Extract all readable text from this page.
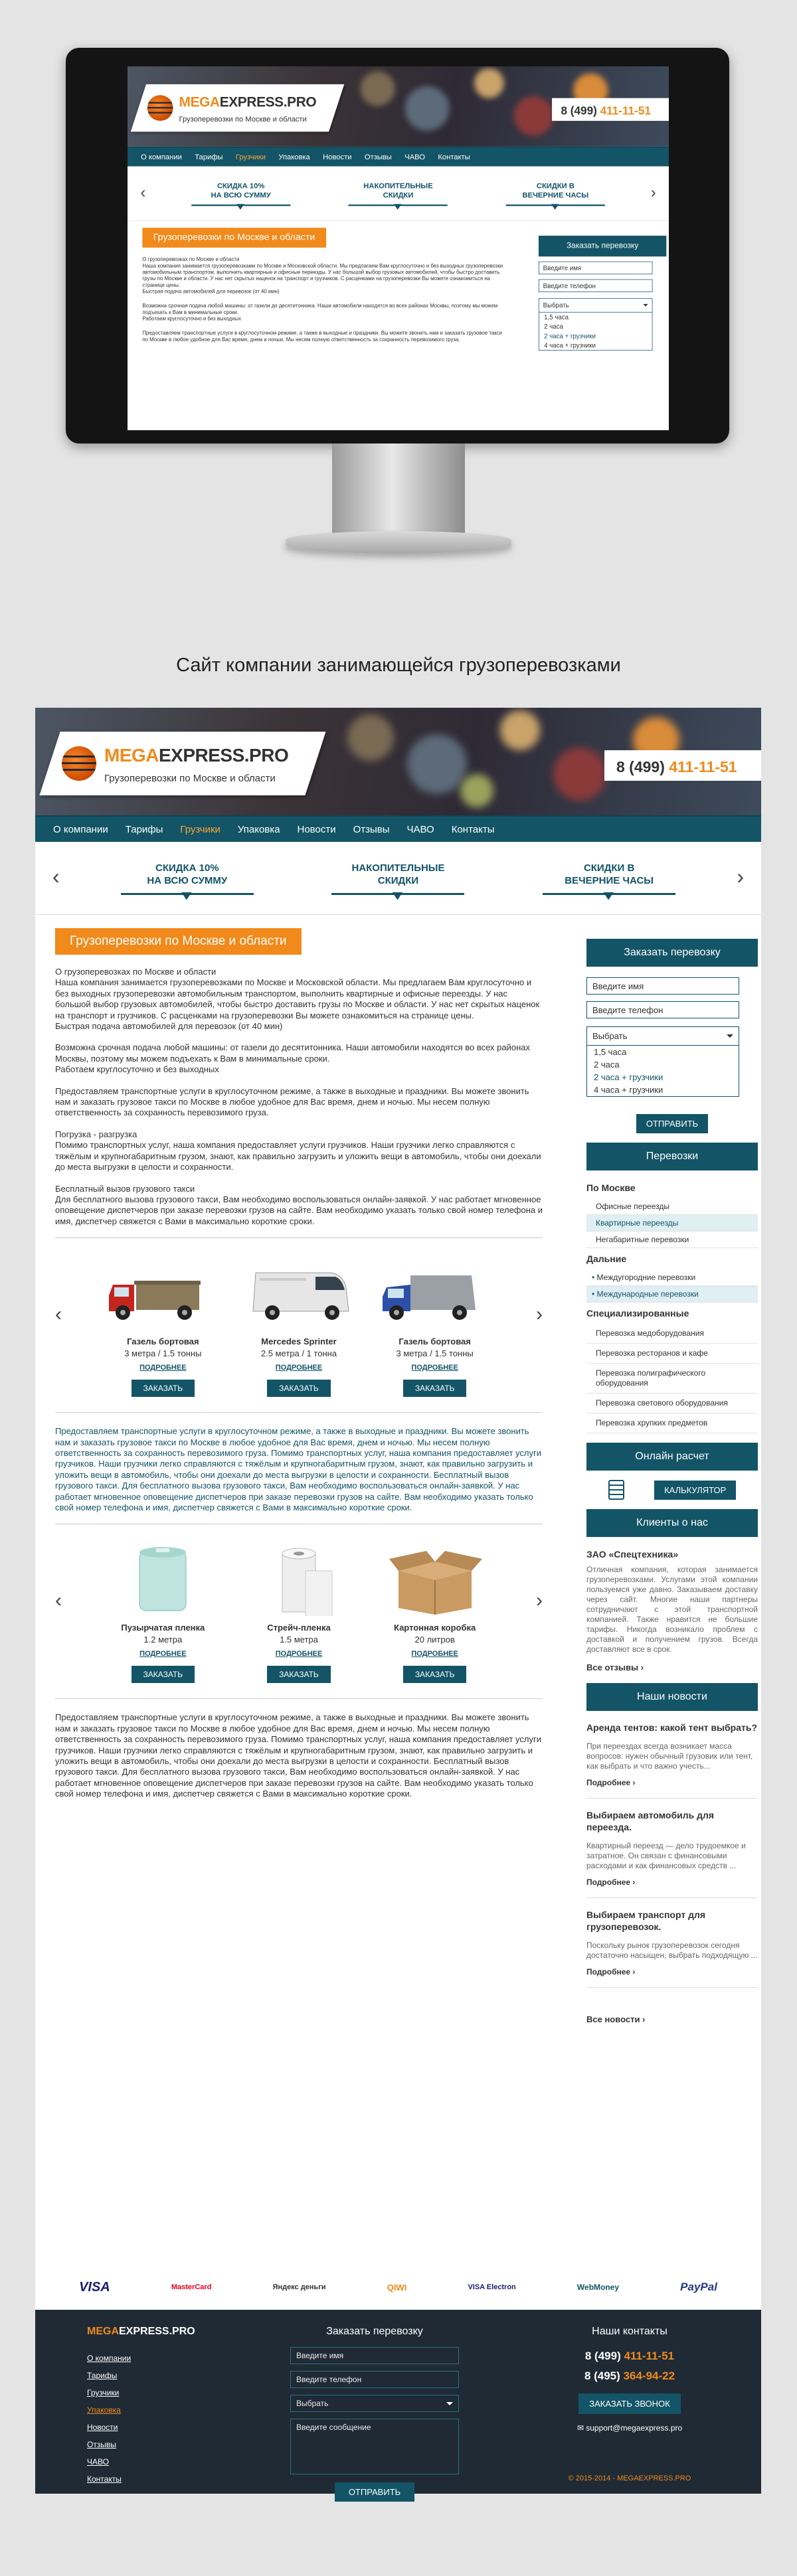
MEGAEXPRESS.PRO
Грузоперевозки по Москве и области
8 (499) 411-11-51
О компании	Тарифы	Грузчики	Упаковка	Новости	Отзывы	ЧАВО	Контакты
‹	СКИДКА 10%
НА ВСЮ СУММУ
НАКОПИТЕЛЬНЫЕ
СКИДКИ
СКИДКИ В
ВЕЧЕРНИЕ ЧАСЫ	›
Грузоперевозки по Москве и области
О грузоперевозках по Москве и области
Наша компания занимается грузоперевозками по Москве и Московской области. Мы предлагаем Вам круглосуточно и без выходных грузоперевозки автомобильным транспортом, выполнить квартирные и офисные переезды. У нас большой выбор грузовых автомобилей, чтобы быстро доставить грузы по Москве и области. У нас нет скрытых наценок на транспорт и грузчиков. С расценками на грузоперевозки Вы можете ознакомиться на странице цены.
Быстрая подача автомобилей для перевозок (от 40 мин)
Возможна срочная подача любой машины: от газели до десятитонника. Наши автомобили находятся во всех районах Москвы, поэтому мы можем подъехать к Вам в минимальные сроки.
Работаем круглосуточно и без выходных
Предоставляем транспортные услуги в круглосуточном режиме, а также в выходные и праздники. Вы можете звонить нам и заказать грузовое такси по Москве в любое удобное для Вас время, днем и ночью. Мы несем полную ответственность за сохранность перевозимого груза.
Заказать перевозку
Введите имя
Введите телефон
Выбрать
1,5 часа
2 часа
2 часа + грузчики
4 часа + грузчики
Сайт компании занимающейся грузоперевозками
MEGAEXPRESS.PRO
Грузоперевозки по Москве и области
8 (499) 411-11-51
О компании	Тарифы	Грузчики	Упаковка	Новости	Отзывы	ЧАВО	Контакты
‹	СКИДКА 10%
НА ВСЮ СУММУ
НАКОПИТЕЛЬНЫЕ
СКИДКИ
СКИДКИ В
ВЕЧЕРНИЕ ЧАСЫ	›
Грузоперевозки по Москве и области
О грузоперевозках по Москве и области
Наша компания занимается грузоперевозками по Москве и Московской области. Мы предлагаем Вам круглосуточно и без выходных грузоперевозки автомобильным транспортом, выполнить квартирные и офисные переезды. У нас большой выбор грузовых автомобилей, чтобы быстро доставить грузы по Москве и области. У нас нет скрытых наценок на транспорт и грузчиков. С расценками на грузоперевозки Вы можете ознакомиться на странице цены.
Быстрая подача автомобилей для перевозок (от 40 мин)
Возможна срочная подача любой машины: от газели до десятитонника. Наши автомобили находятся во всех районах Москвы, поэтому мы можем подъехать к Вам в минимальные сроки.
Работаем круглосуточно и без выходных
Предоставляем транспортные услуги в круглосуточном режиме, а также в выходные и праздники. Вы можете звонить нам и заказать грузовое такси по Москве в любое удобное для Вас время, днем и ночью. Мы несем полную ответственность за сохранность перевозимого груза.
Погрузка - разгрузка
Помимо транспортных услуг, наша компания предоставляет услуги грузчиков. Наши грузчики легко справляются с тяжёлым и крупногабаритным грузом, знают, как правильно загрузить и уложить вещи в автомобиль, чтобы они доехали до места выгрузки в целости и сохранности.
Бесплатный вызов грузового такси
Для бесплатного вызова грузового такси, Вам необходимо воспользоваться онлайн-заявкой. У нас работает мгновенное оповещение диспетчеров при заказе перевозки грузов на сайте. Вам необходимо указать только свой номер телефона и имя, диспетчер свяжется с Вами в максимально короткие сроки.
‹
Газель бортовая
3 метра / 1.5 тонны
ПОДРОБНЕЕ
ЗАКАЗАТЬ
Mercedes Sprinter
2.5 метра / 1 тонна
ПОДРОБНЕЕ
ЗАКАЗАТЬ
Газель бортовая
3 метра / 1.5 тонны
ПОДРОБНЕЕ
ЗАКАЗАТЬ
›
Предоставляем транспортные услуги в круглосуточном режиме, а также в выходные и праздники. Вы можете звонить нам и заказать грузовое такси по Москве в любое удобное для Вас время, днем и ночью. Мы несем полную ответственность за сохранность перевозимого груза. Помимо транспортных услуг, наша компания предоставляет услуги грузчиков. Наши грузчики легко справляются с тяжёлым и крупногабаритным грузом, знают, как правильно загрузить и уложить вещи в автомобиль, чтобы они доехали до места выгрузки в целости и сохранности. Бесплатный вызов грузового такси. Для бесплатного вызова грузового такси, Вам необходимо воспользоваться онлайн-заявкой. У нас работает мгновенное оповещение диспетчеров при заказе перевозки грузов на сайте. Вам необходимо указать только свой номер телефона и имя, диспетчер свяжется с Вами в максимально короткие сроки.
‹
Пузырчатая пленка
1.2 метра
ПОДРОБНЕЕ
ЗАКАЗАТЬ
Стрейч-пленка
1.5 метра
ПОДРОБНЕЕ
ЗАКАЗАТЬ
Картонная коробка
20 литров
ПОДРОБНЕЕ
ЗАКАЗАТЬ
›
Предоставляем транспортные услуги в круглосуточном режиме, а также в выходные и праздники. Вы можете звонить нам и заказать грузовое такси по Москве в любое удобное для Вас время, днем и ночью. Мы несем полную ответственность за сохранность перевозимого груза. Помимо транспортных услуг, наша компания предоставляет услуги грузчиков. Наши грузчики легко справляются с тяжёлым и крупногабаритным грузом, знают, как правильно загрузить и уложить вещи в автомобиль, чтобы они доехали до места выгрузки в целости и сохранности. Бесплатный вызов грузового такси. Для бесплатного вызова грузового такси, Вам необходимо воспользоваться онлайн-заявкой. У нас работает мгновенное оповещение диспетчеров при заказе перевозки грузов на сайте. Вам необходимо указать только свой номер телефона и имя, диспетчер свяжется с Вами в максимально короткие сроки.
Заказать перевозку
Введите имя
Введите телефон
Выбрать
1,5 часа
2 часа
2 часа + грузчики
4 часа + грузчики
ОТПРАВИТЬ
Перевозки
По Москве
Офисные переезды
Квартирные переезды
Негабаритные перевозки
Дальние
• Междугородние перевозки
• Международные перевозки
Специализированные
Перевозка медоборудования
Перевозка ресторанов и кафе
Перевозка полиграфического оборудования
Перевозка светового оборудования
Перевозка хрупких предметов
Онлайн расчет
КАЛЬКУЛЯТОР
Клиенты о нас
ЗАО «Спецтехника»
Отличная компания, которая занимается грузоперевозками. Услугами этой компании пользуемся уже давно. Заказываем доставку через сайт. Многие наши партнеры сотрудничают с этой транспортной компанией. Также нравится не большие тарифы. Никогда возникало проблем с доставкой и получением грузов. Всегда доставляют все в срок.
Все отзывы ›
Наши новости
Аренда тентов: какой тент выбрать?

При переездах всегда возникает масса вопросов: нужен обычный грузовик или тент, как выбрать и что важно учесть...

Подробнее ›
Выбираем автомобиль для переезда.

Квартирный переезд — дело трудоемкое и затратное. Он связан с финансовыми расходами и как финансовых средств ...

Подробнее ›
Выбираем транспорт для грузоперевозок.

Поскольку рынок грузоперевозок сегодня достаточно насыщен, выбрать подходящую ...

Подробнее ›
Все новости ›
VISA	MasterCard	Яндекс деньги	QIWI	VISA Electron	WebMoney	PayPal
MEGAEXPRESS.PRO
О компании
Тарифы
Грузчики
Упаковка
Новости
Отзывы
ЧАВО
Контакты
Заказать перевозку
Введите имя
Введите телефон
Выбрать
Введите сообщение
ОТПРАВИТЬ
Наши контакты
8 (499) 411-11-51
8 (495) 364-94-22
ЗАКАЗАТЬ ЗВОНОК
✉ support@megaexpress.pro
© 2015-2014 - MEGAEXPRESS.PRO
